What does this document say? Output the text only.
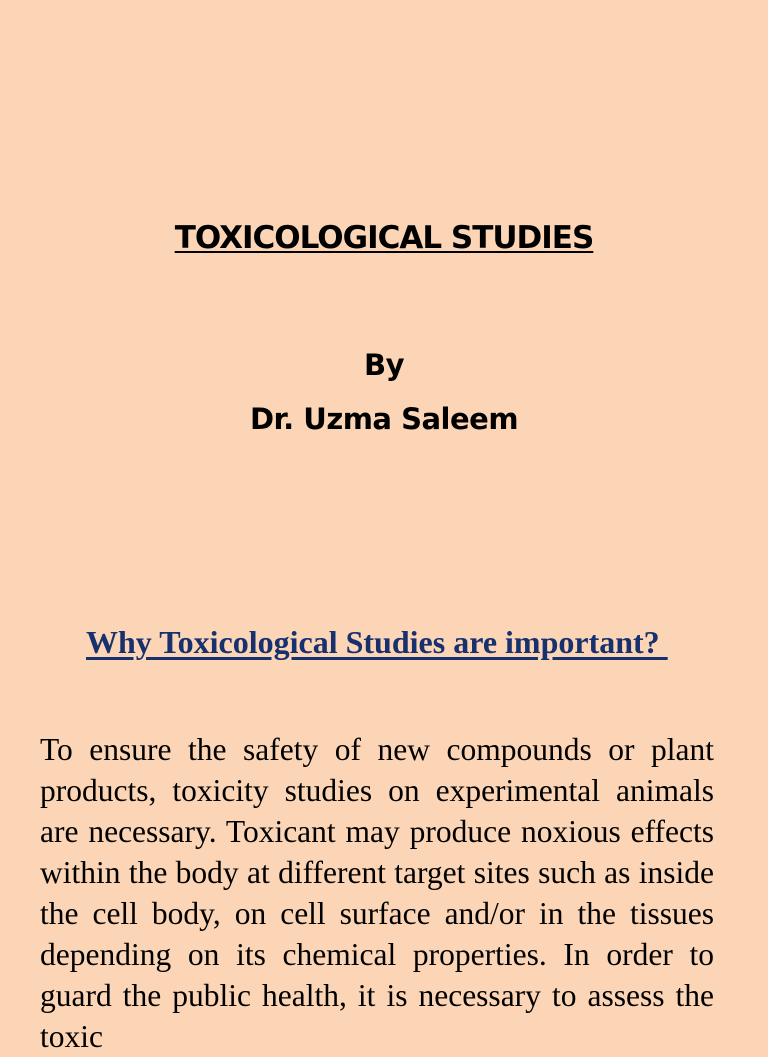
TOXICOLOGICAL STUDIES
By
Dr. Uzma Saleem
Why Toxicological Studies are important?

To ensure the safety of new compounds or plant products, toxicity studies on experimental animals are necessary. Toxicant may produce noxious effects within the body at different target sites such as inside the cell body, on cell surface and/or in the tissues depending on its chemical properties. In order to guard the public health, it is necessary to assess the toxic
